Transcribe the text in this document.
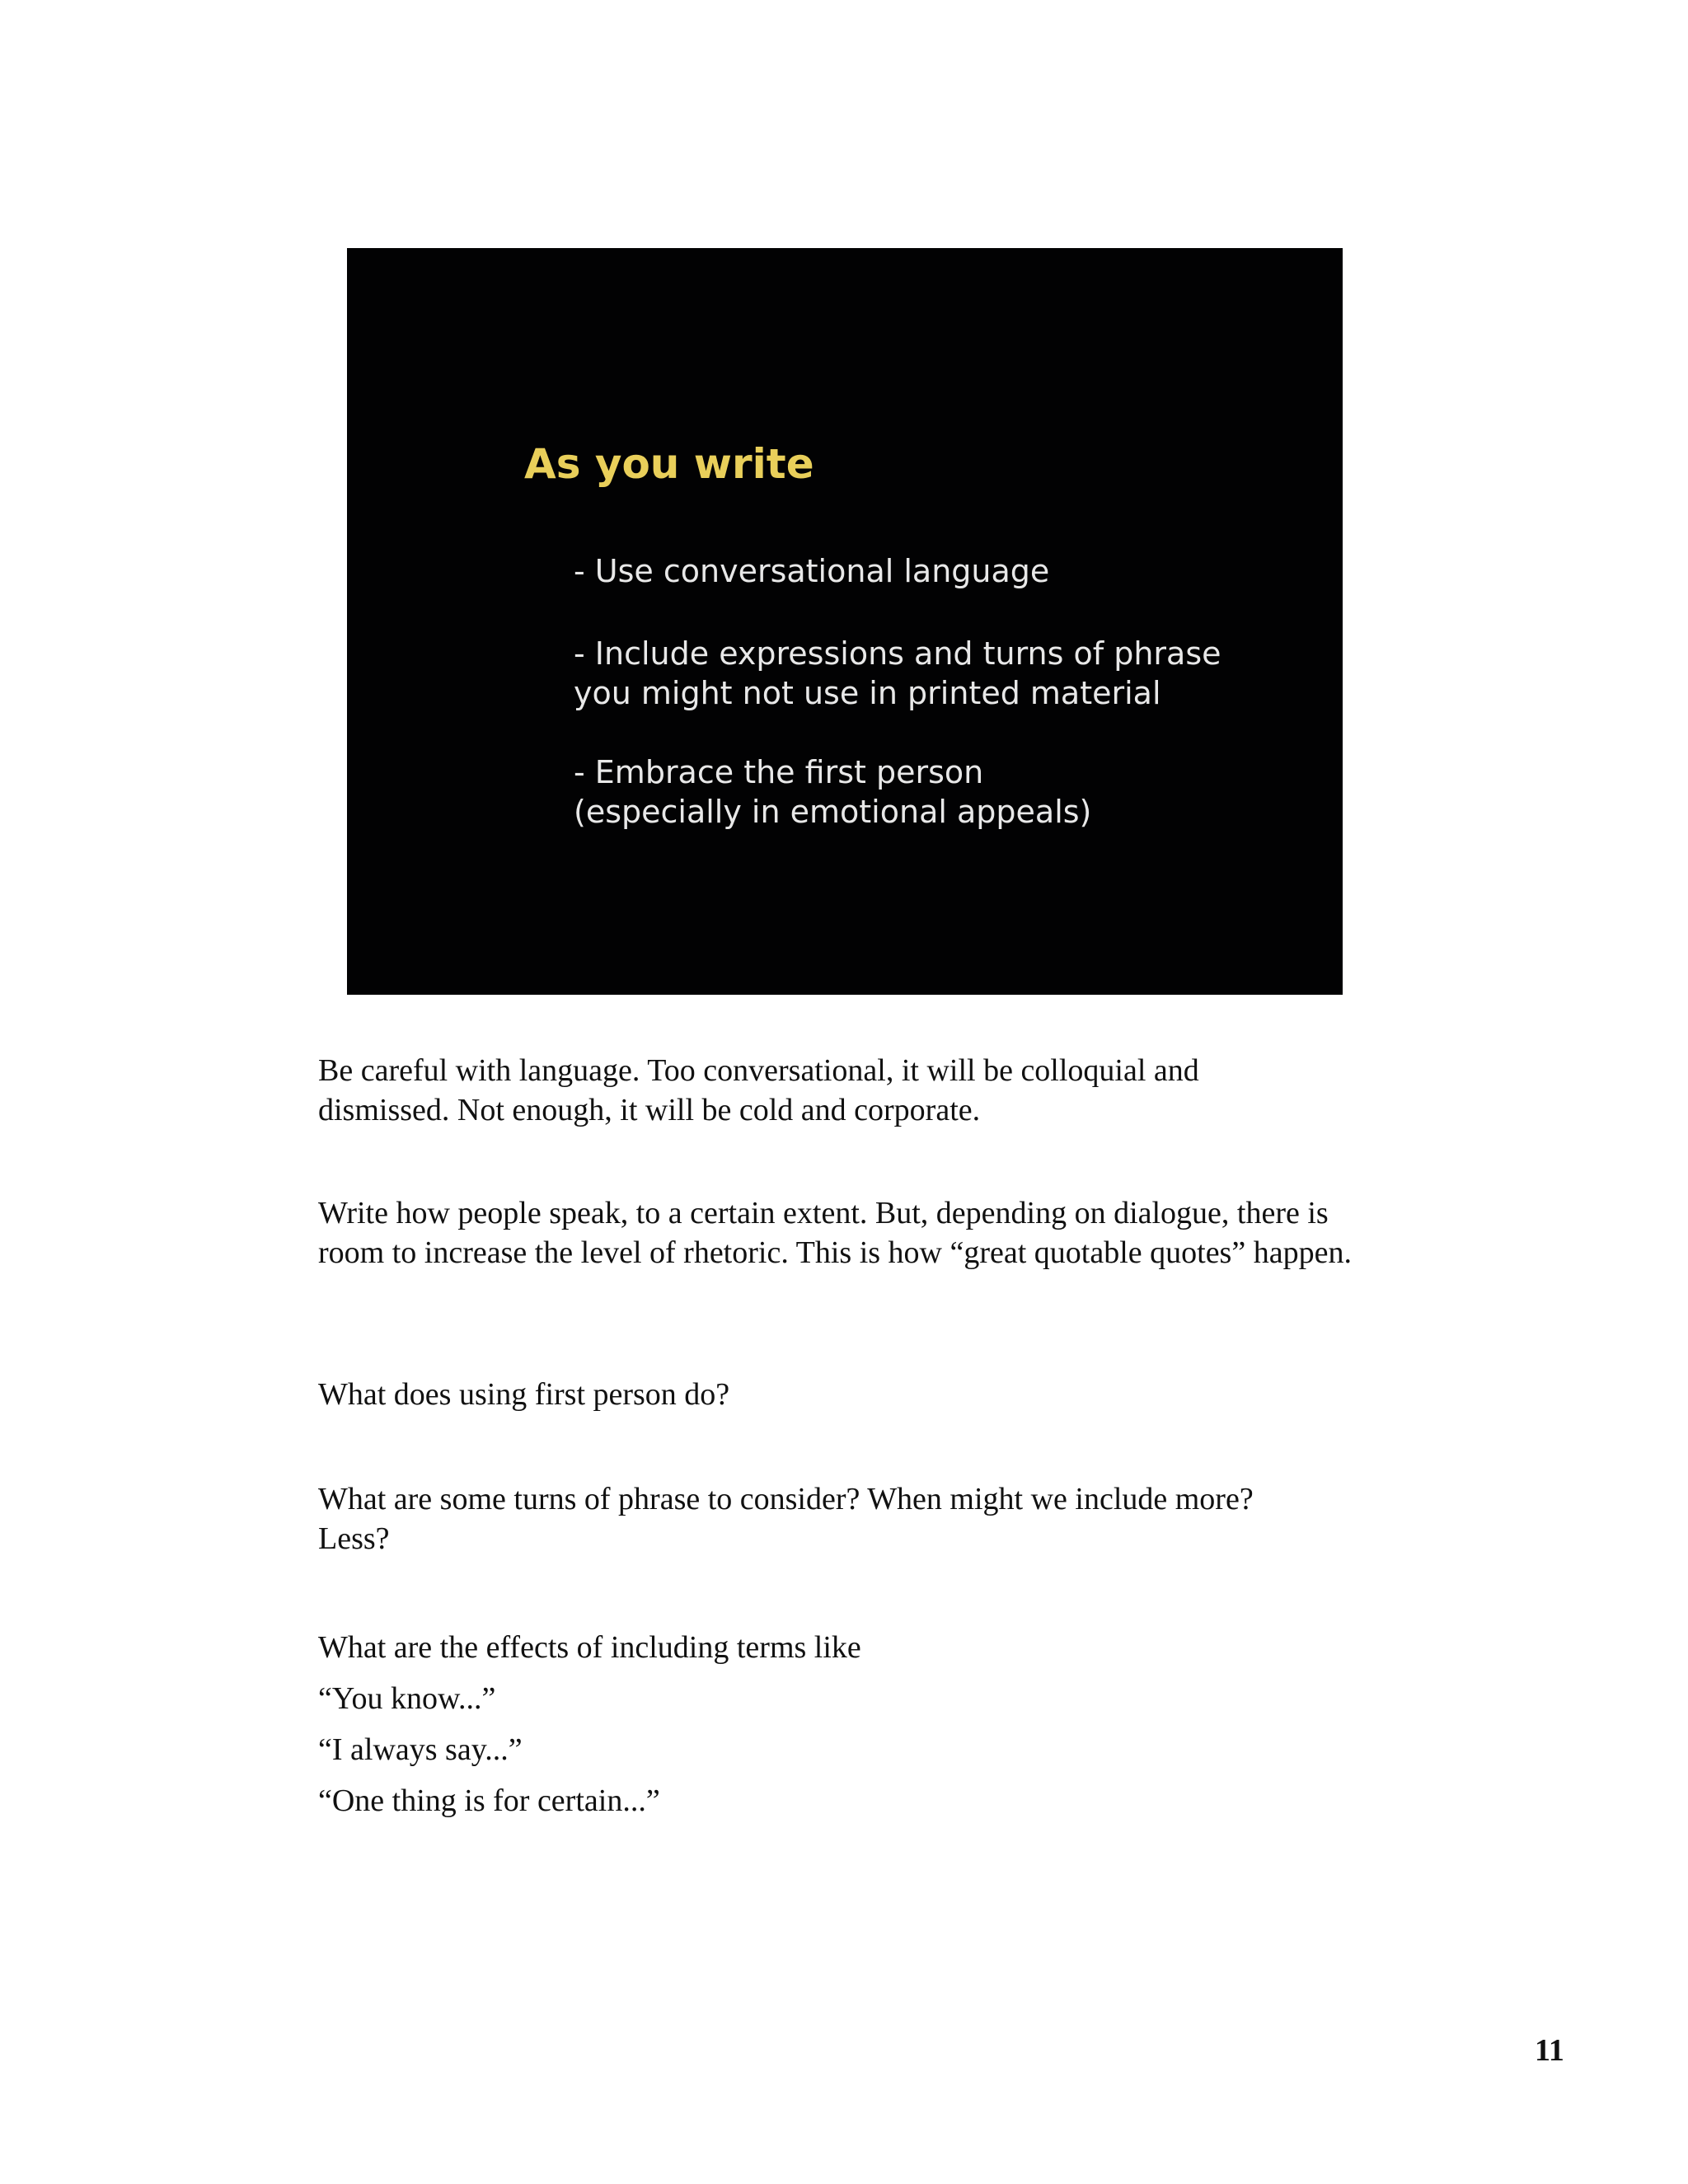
As you write

- Use conversational language

- Include expressions and turns of phrase you might not use in printed material

- Embrace the first person (especially in emotional appeals)

Be careful with language. Too conversational, it will be colloquial and dismissed. Not enough, it will be cold and corporate.

Write how people speak, to a certain extent. But, depending on dialogue, there is room to increase the level of rhetoric. This is how “great quotable quotes” happen.

What does using first person do?

What are some turns of phrase to consider? When might we include more? Less?

What are the effects of including terms like

“You know...”

“I always say...”

“One thing is for certain...”

11
